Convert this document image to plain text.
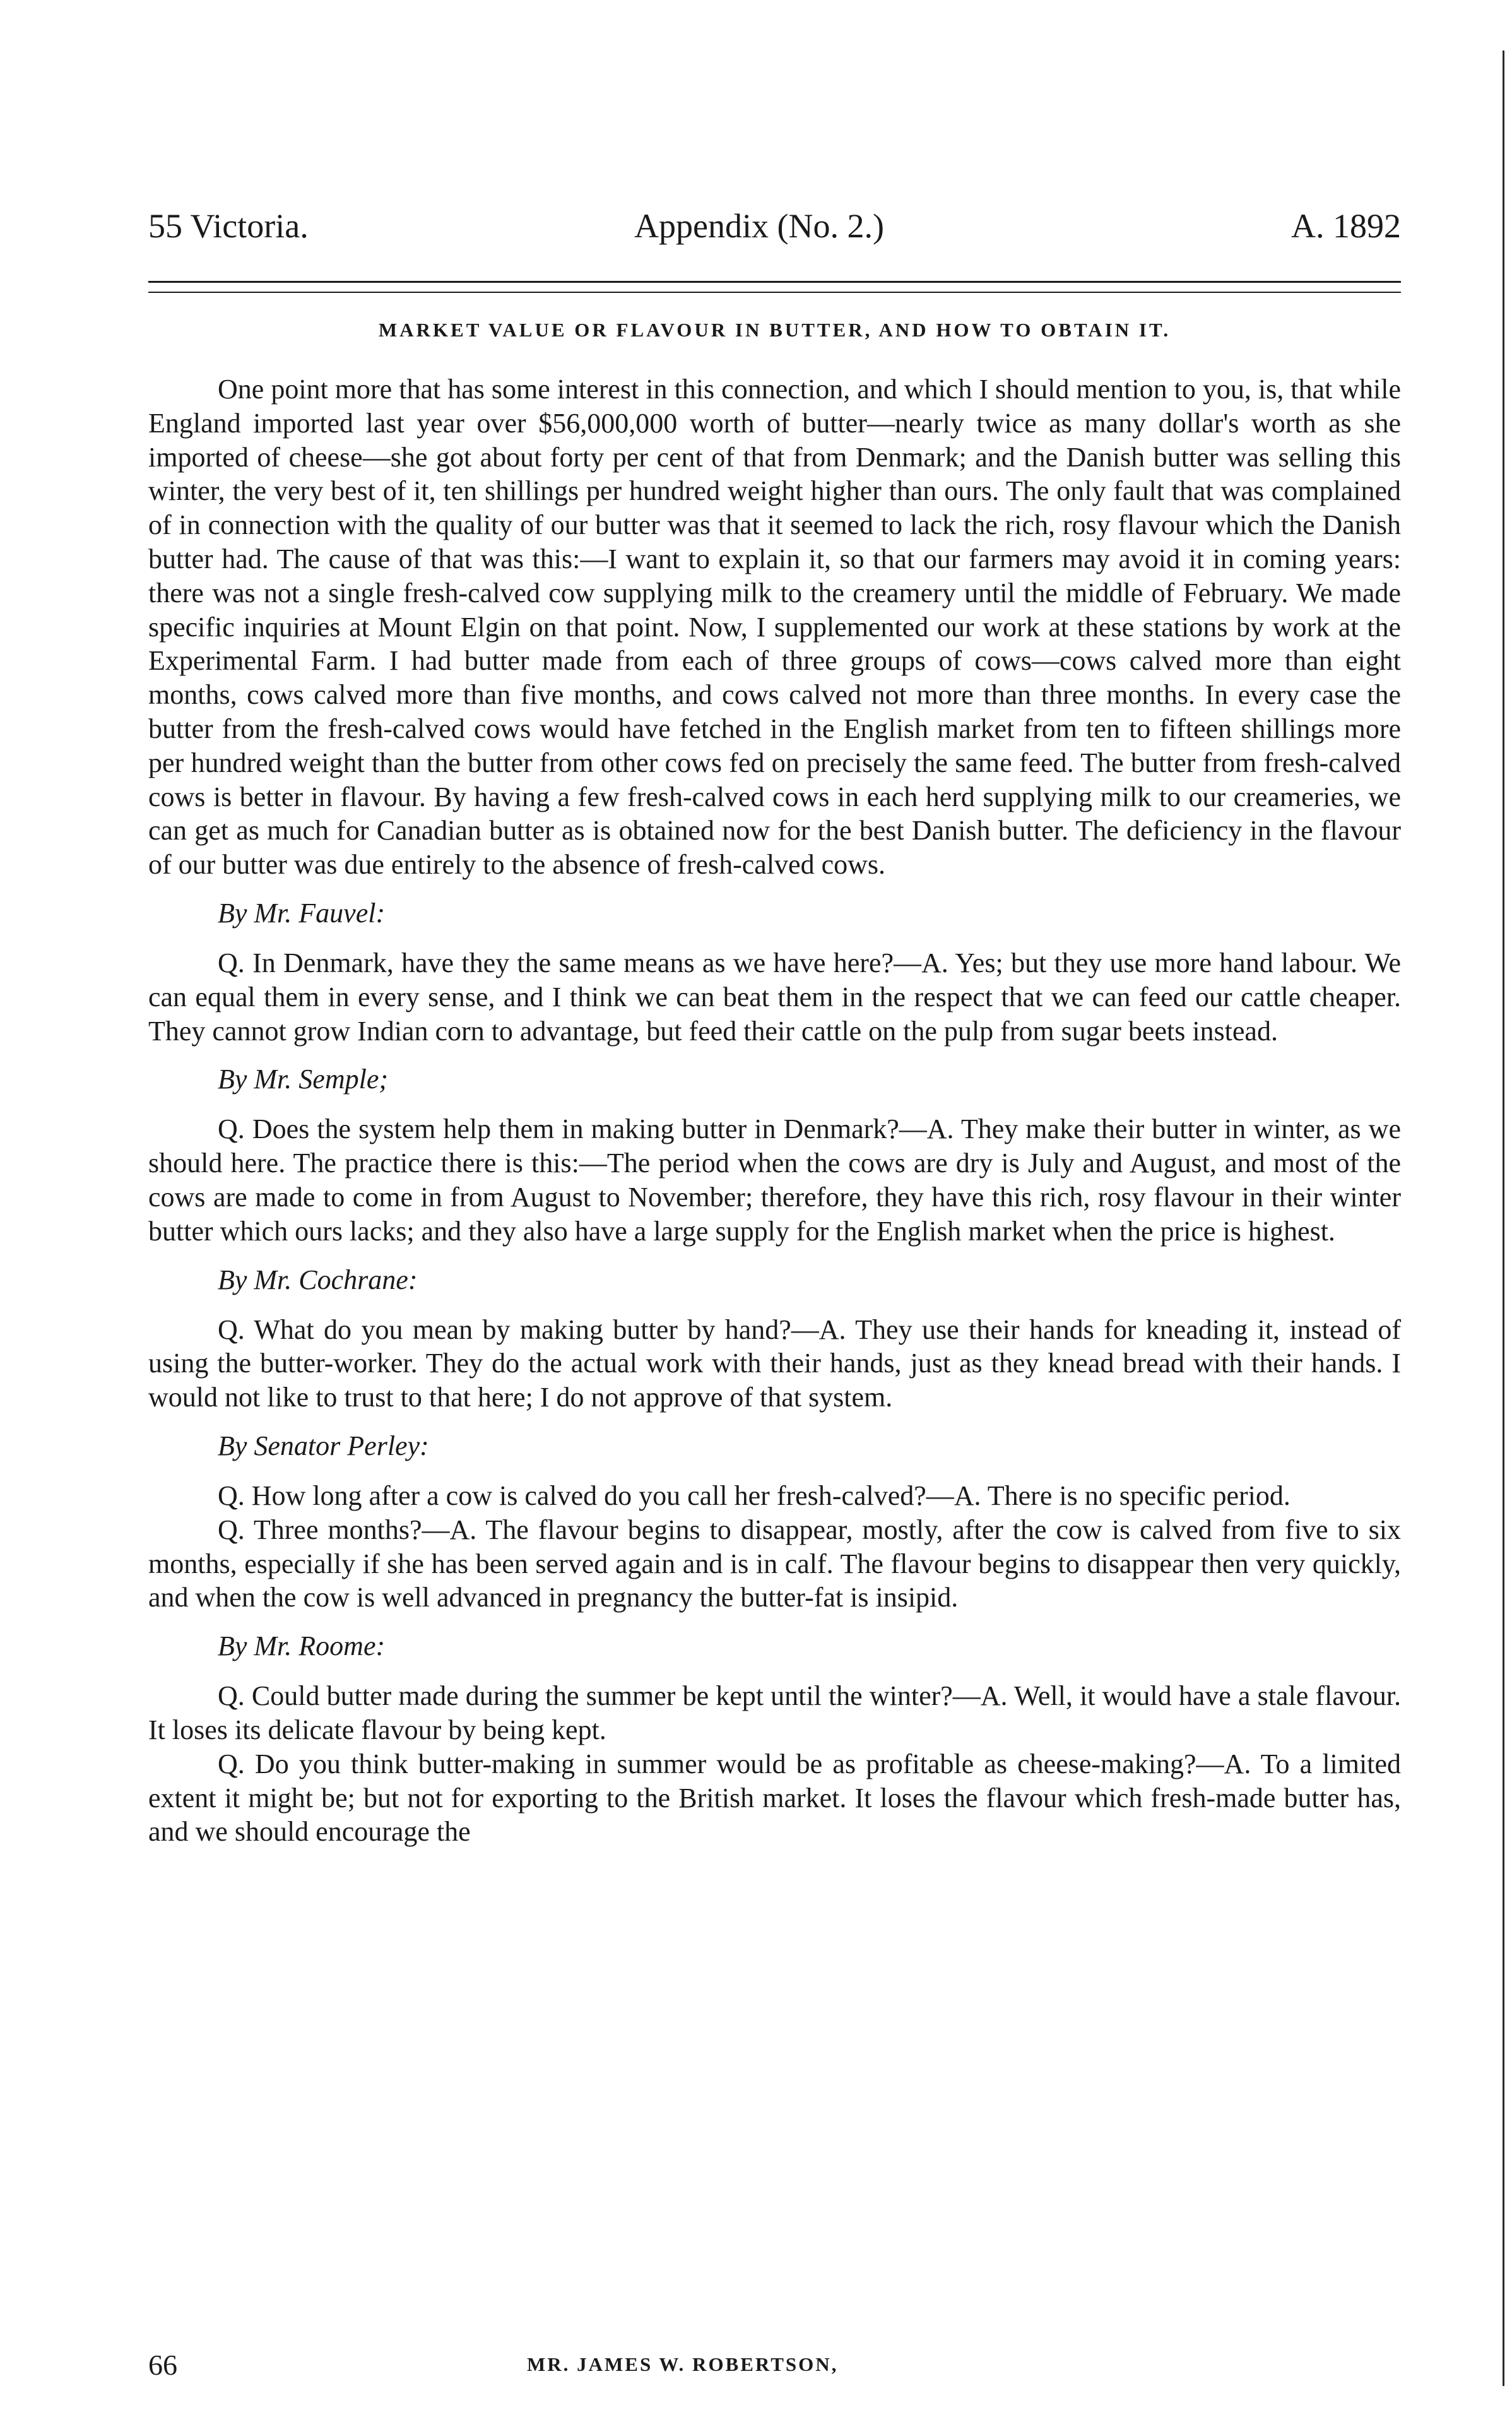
55 Victoria.	Appendix (No. 2.)	A. 1892
MARKET VALUE OR FLAVOUR IN BUTTER, AND HOW TO OBTAIN IT.

One point more that has some interest in this connection, and which I should mention to you, is, that while England imported last year over $56,000,000 worth of butter—nearly twice as many dollar's worth as she imported of cheese—she got about forty per cent of that from Denmark; and the Danish butter was selling this winter, the very best of it, ten shillings per hundred weight higher than ours. The only fault that was complained of in connection with the quality of our butter was that it seemed to lack the rich, rosy flavour which the Danish butter had. The cause of that was this:—I want to explain it, so that our farmers may avoid it in coming years: there was not a single fresh-calved cow supplying milk to the creamery until the middle of February. We made specific inquiries at Mount Elgin on that point. Now, I supplemented our work at these stations by work at the Experimental Farm. I had butter made from each of three groups of cows—cows calved more than eight months, cows calved more than five months, and cows calved not more than three months. In every case the butter from the fresh-calved cows would have fetched in the English market from ten to fifteen shillings more per hundred weight than the butter from other cows fed on precisely the same feed. The butter from fresh-calved cows is better in flavour. By having a few fresh-calved cows in each herd supplying milk to our creameries, we can get as much for Canadian butter as is obtained now for the best Danish butter. The deficiency in the flavour of our butter was due entirely to the absence of fresh-calved cows.

By Mr. Fauvel:

Q. In Denmark, have they the same means as we have here?—A. Yes; but they use more hand labour. We can equal them in every sense, and I think we can beat them in the respect that we can feed our cattle cheaper. They cannot grow Indian corn to advantage, but feed their cattle on the pulp from sugar beets instead.

By Mr. Semple;

Q. Does the system help them in making butter in Denmark?—A. They make their butter in winter, as we should here. The practice there is this:—The period when the cows are dry is July and August, and most of the cows are made to come in from August to November; therefore, they have this rich, rosy flavour in their winter butter which ours lacks; and they also have a large supply for the English market when the price is highest.

By Mr. Cochrane:

Q. What do you mean by making butter by hand?—A. They use their hands for kneading it, instead of using the butter-worker. They do the actual work with their hands, just as they knead bread with their hands. I would not like to trust to that here; I do not approve of that system.

By Senator Perley:

Q. How long after a cow is calved do you call her fresh-calved?—A. There is no specific period.

Q. Three months?—A. The flavour begins to disappear, mostly, after the cow is calved from five to six months, especially if she has been served again and is in calf. The flavour begins to disappear then very quickly, and when the cow is well advanced in pregnancy the butter-fat is insipid.

By Mr. Roome:

Q. Could butter made during the summer be kept until the winter?—A. Well, it would have a stale flavour. It loses its delicate flavour by being kept.

Q. Do you think butter-making in summer would be as profitable as cheese-making?—A. To a limited extent it might be; but not for exporting to the British market. It loses the flavour which fresh-made butter has, and we should encourage the

66	MR. JAMES W. ROBERTSON,
